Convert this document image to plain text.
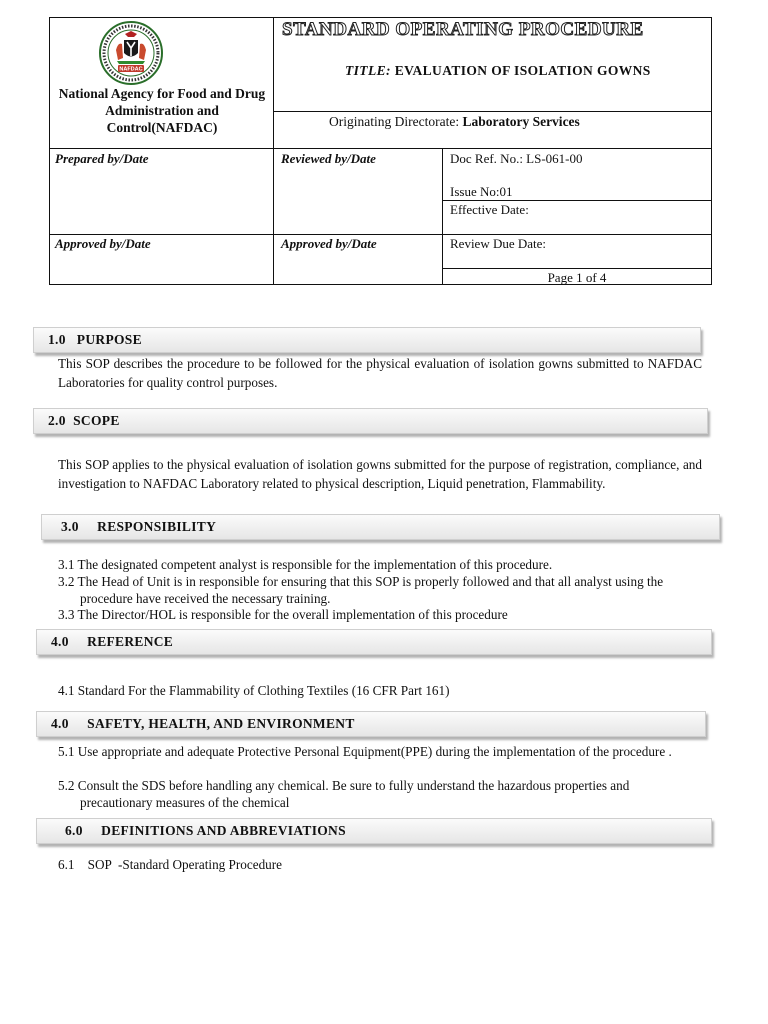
NAFDAC
National Agency for Food and Drug Administration and Control(NAFDAC)
STANDARD OPERATING PROCEDURE
TITLE: EVALUATION OF ISOLATION GOWNS
Originating Directorate: Laboratory Services
Prepared by/Date	Reviewed by/Date
Approved by/Date	Approved by/Date
Doc Ref. No.: LS-061-00
Issue No:01
Effective Date:
Review Due Date:
Page 1 of 4
1.0   PURPOSE
This SOP describes the procedure to be followed for the physical evaluation of isolation gowns submitted to NAFDAC Laboratories for quality control purposes.
2.0  SCOPE
This SOP applies to the physical evaluation of isolation gowns submitted for the purpose of registration, compliance, and investigation to NAFDAC Laboratory related to physical description, Liquid penetration, Flammability.
3.0     RESPONSIBILITY
3.1 The designated competent analyst is responsible for the implementation of this procedure.
3.2 The Head of Unit is in responsible for ensuring that this SOP is properly followed and that all analyst using the procedure have received the necessary training.
3.3 The Director/HOL is responsible for the overall implementation of this procedure
4.0     REFERENCE
4.1 Standard For the Flammability of Clothing Textiles (16 CFR Part 161)
4.0     SAFETY, HEALTH, AND ENVIRONMENT
5.1 Use appropriate and adequate Protective Personal Equipment(PPE) during the implementation of the procedure .
5.2 Consult the SDS before handling any chemical. Be sure to fully understand the hazardous properties and precautionary measures of the chemical
6.0     DEFINITIONS AND ABBREVIATIONS
6.1    SOP  -Standard Operating Procedure
